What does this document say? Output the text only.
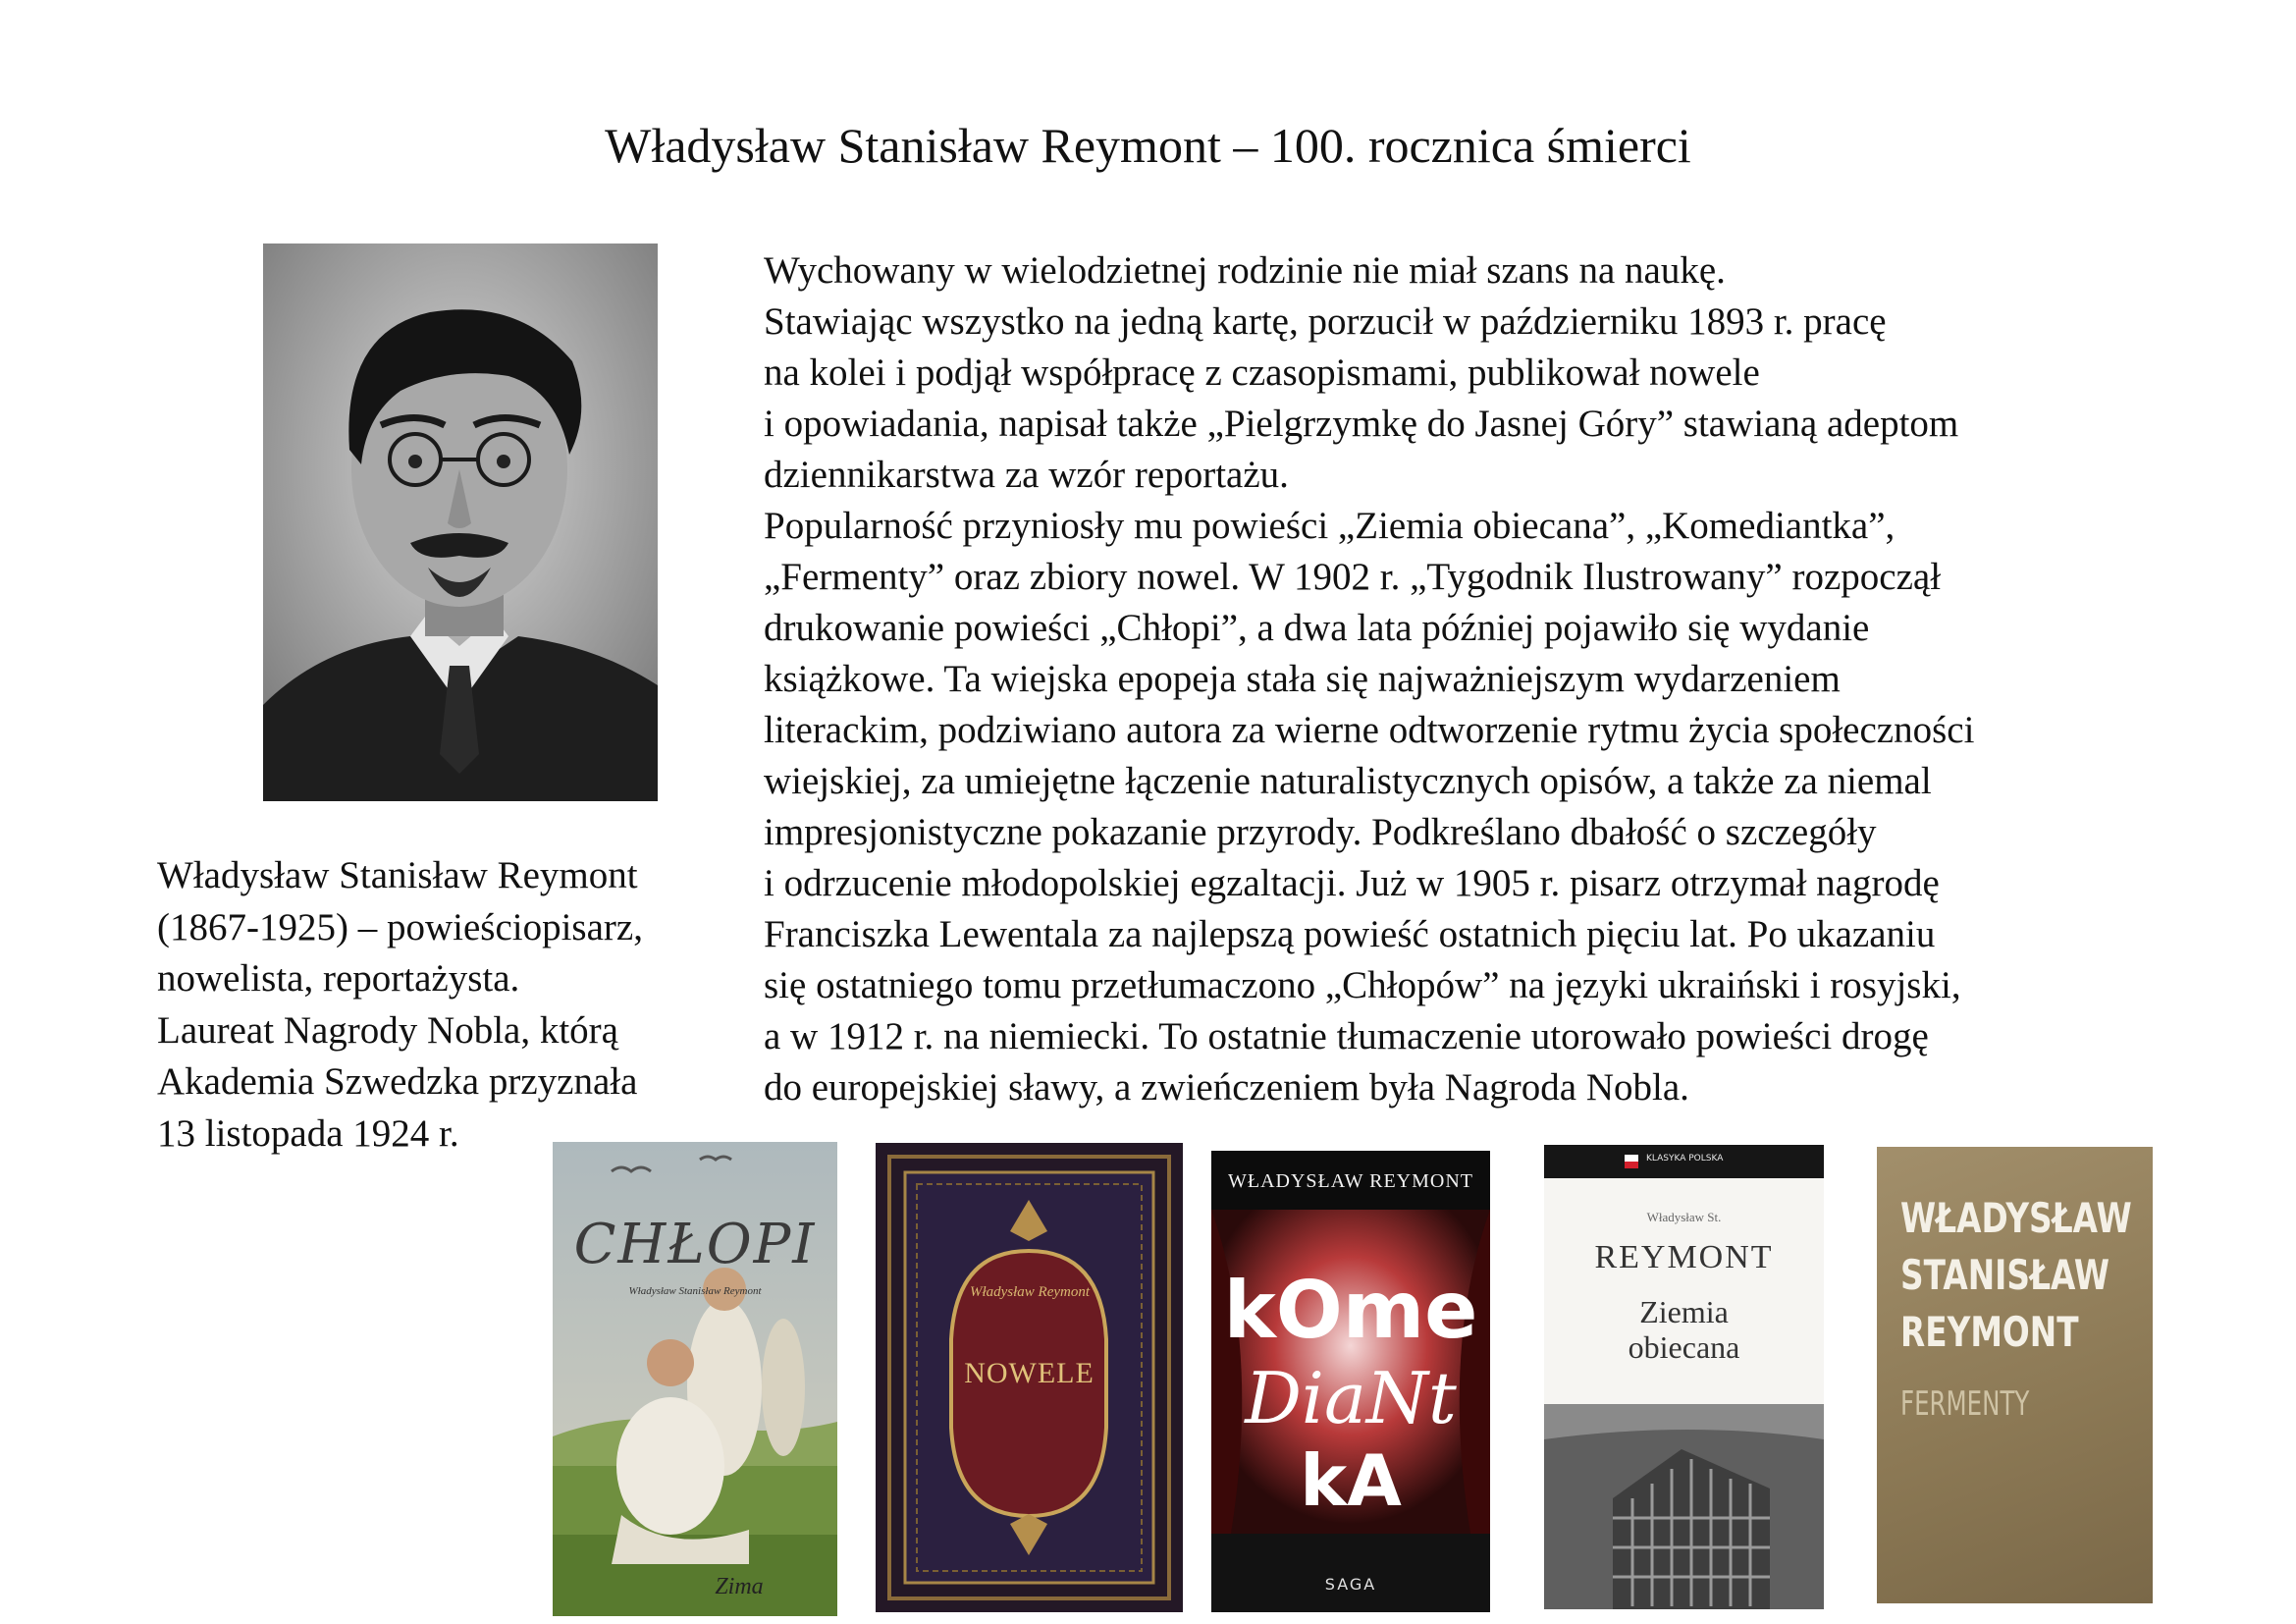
Władysław Stanisław Reymont – 100. rocznica śmierci
Władysław Stanisław Reymont
(1867-1925) – powieściopisarz,
nowelista, reportażysta.
Laureat Nagrody Nobla, którą
Akademia Szwedzka przyznała
13 listopada 1924 r.
Wychowany w wielodzietnej rodzinie nie miał szans na naukę.
Stawiając wszystko na jedną kartę, porzucił w październiku 1893 r. pracę
na kolei i podjął współpracę z czasopismami, publikował nowele
i opowiadania, napisał także „Pielgrzymkę do Jasnej Góry” stawianą adeptom
dziennikarstwa za wzór reportażu.
Popularność przyniosły mu powieści „Ziemia obiecana”, „Komediantka”,
„Fermenty” oraz zbiory nowel. W 1902 r. „Tygodnik Ilustrowany” rozpoczął
drukowanie powieści „Chłopi”, a dwa lata później pojawiło się wydanie
książkowe. Ta wiejska epopeja stała się najważniejszym wydarzeniem
literackim, podziwiano autora za wierne odtworzenie rytmu życia społeczności
wiejskiej, za umiejętne łączenie naturalistycznych opisów, a także za niemal
impresjonistyczne pokazanie przyrody. Podkreślano dbałość o szczegóły
i odrzucenie młodopolskiej egzaltacji. Już w 1905 r. pisarz otrzymał nagrodę
Franciszka Lewentala za najlepszą powieść ostatnich pięciu lat. Po ukazaniu
się ostatniego tomu przetłumaczono „Chłopów” na języki ukraiński i rosyjski,
a w 1912 r. na niemiecki. To ostatnie tłumaczenie utorowało powieści drogę
do europejskiej sławy, a zwieńczeniem była Nagroda Nobla.
CHŁOPI
Władysław Stanisław Reymont
Zima
Władysław Reymont
NOWELE
WŁADYSŁAW REYMONT
kOme
DiaNt
kA
SAGA
KLASYKA POLSKA
Władysław St.
REYMONT
Ziemia
obiecana
WŁADYSŁAW
STANISŁAW
REYMONT
FERMENTY
